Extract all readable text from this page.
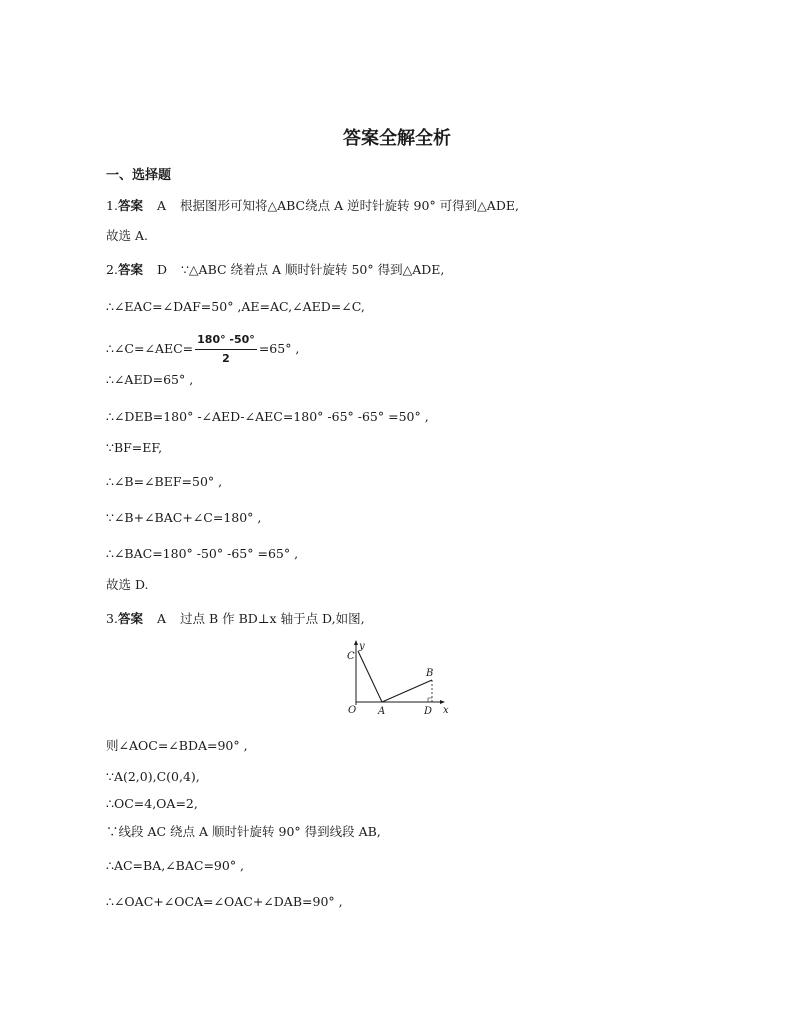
答案全解全析
一、选择题
1.答案 A 根据图形可知将△ABC绕点 A 逆时针旋转 90° 可得到△ADE,
故选 A.
2.答案 D ∵△ABC 绕着点 A 顺时针旋转 50° 得到△ADE,
∴∠EAC=∠DAF=50° ,AE=AC,∠AED=∠C,
∴∠C=∠AEC= $\frac{180^\circ -50^\circ}{2} =65^\circ$ ,
∴∠AED=65° ,
∴∠DEB=180° -∠AED-∠AEC=180° -65° -65° =50° ,
∵BF=EF,
∴∠B=∠BEF=50° ,
∵∠B+∠BAC+∠C=180° ,
∴∠BAC=180° -50° -65° =65° ,
故选 D.
3.答案 A 过点 B 作 BD⊥x 轴于点 D,如图,
y
C
B
O A	D x
则∠AOC=∠BDA=90° ,
∵A(2,0),C(0,4),
∴OC=4,OA=2,
∵线段 AC 绕点 A 顺时针旋转 90° 得到线段 AB,
∴AC=BA,∠BAC=90° ,
∴∠OAC+∠OCA=∠OAC+∠DAB=90° ,
